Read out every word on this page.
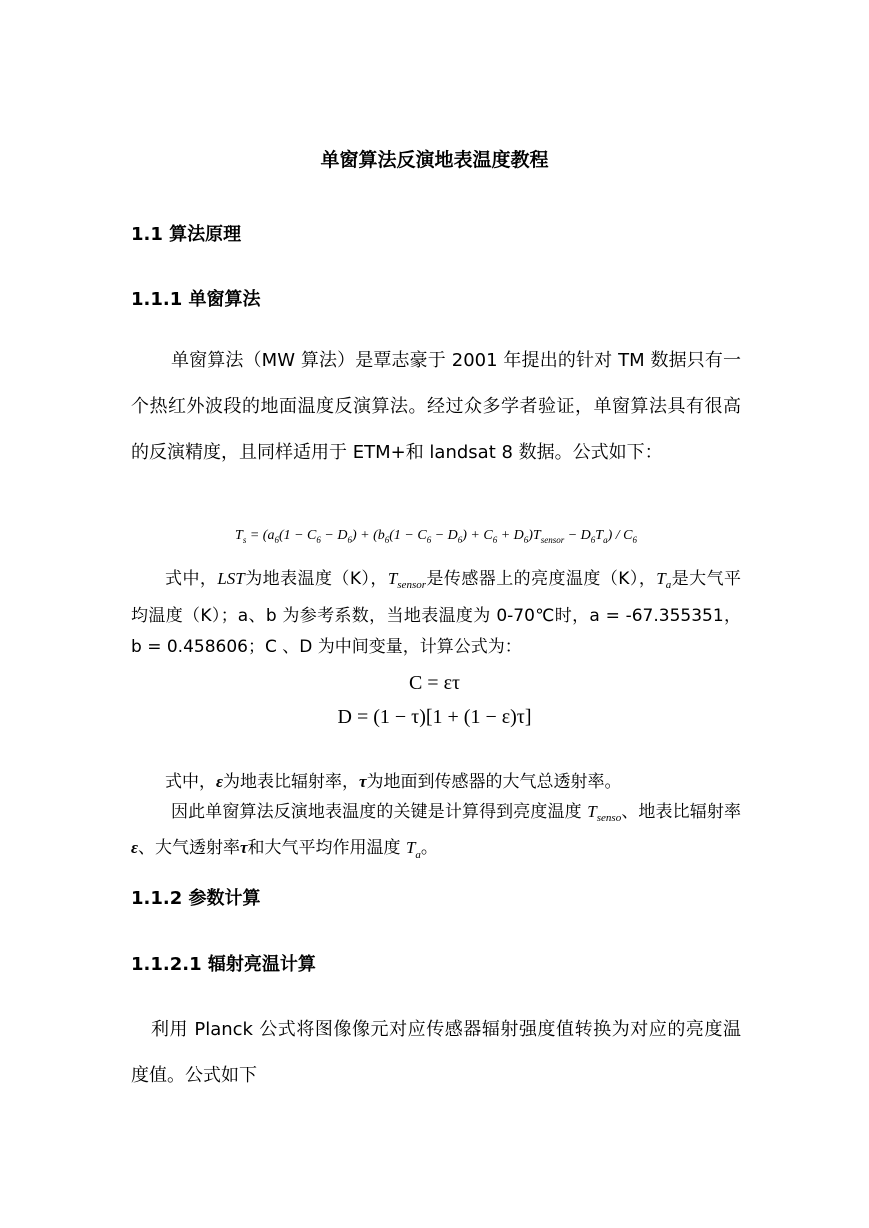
单窗算法反演地表温度教程
1.1 算法原理
1.1.1 单窗算法
单窗算法（MW 算法）是覃志豪于 2001 年提出的针对 TM 数据只有一个热红外波段的地面温度反演算法。经过众多学者验证，单窗算法具有很高的反演精度，且同样适用于 ETM+和 landsat 8 数据。公式如下：
$T_s = (a_6(1 - C_6 - D_6) + (b_6(1 - C_6 - D_6) + C_6 + D_6)T_{sensor} - D_6T_a) / C_6$
式中，LST为地表温度（K），$T_{sensor}$是传感器上的亮度温度（K），$T_a$是大气平均温度（K）；a、b 为参考系数，当地表温度为 0-70℃时，a = -67.355351，b = 0.458606；C 、D 为中间变量，计算公式为：
C = ετ
D = (1 − τ)[1 + (1 − ε)τ]
式中，ε为地表比辐射率，τ为地面到传感器的大气总透射率。
因此单窗算法反演地表温度的关键是计算得到亮度温度 $T_{senso}$、地表比辐射率ε、大气透射率τ和大气平均作用温度 $T_a$。
1.1.2 参数计算
1.1.2.1 辐射亮温计算
利用 Planck 公式将图像像元对应传感器辐射强度值转换为对应的亮度温度值。公式如下
